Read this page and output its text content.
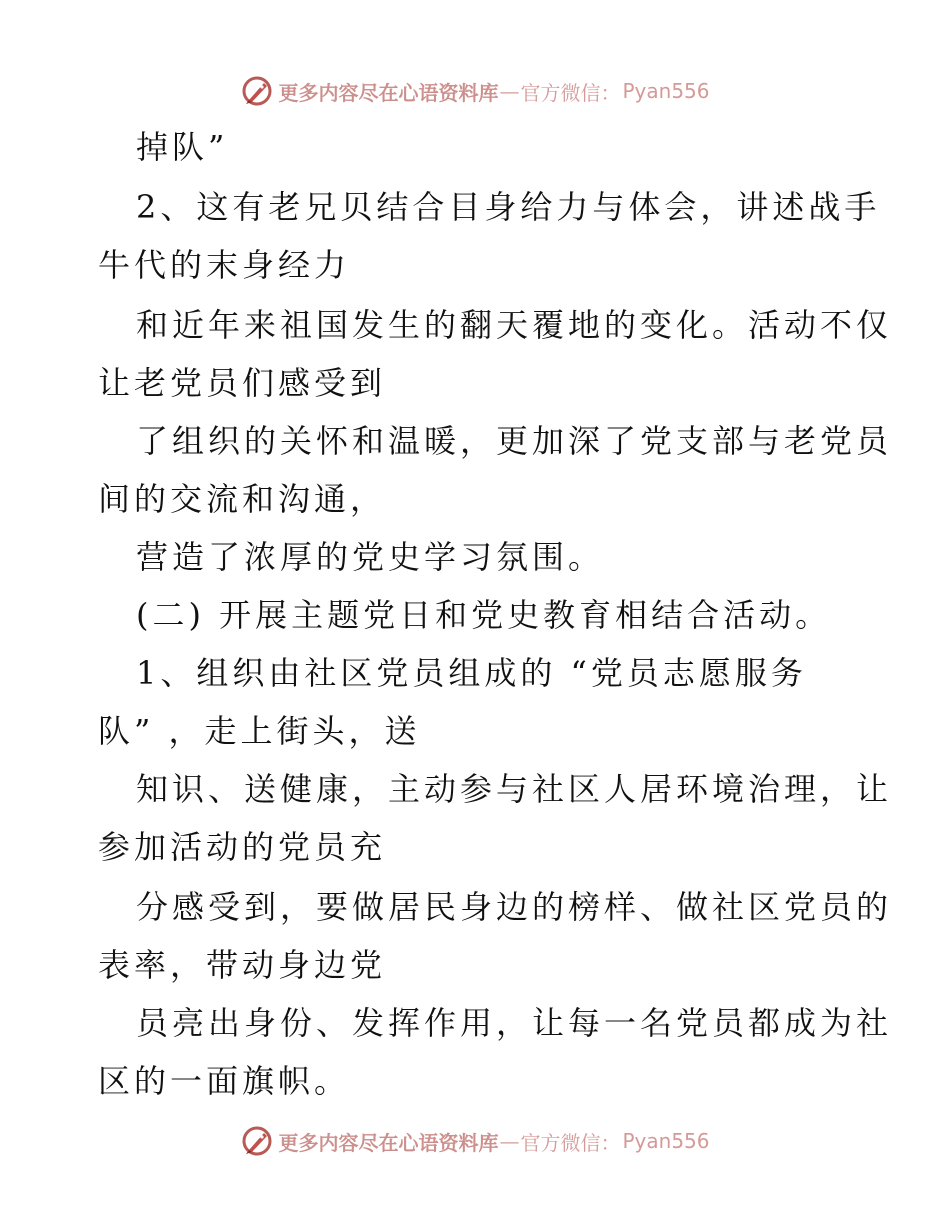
更多内容尽在心语资料库 — 官方微信： Pyan556
掉队”
2、这有老兄贝结合目身给力与体会，讲述战手
牛代的末身经力
和近年来祖国发生的翻天覆地的变化。活动不仅
让老党员们感受到
了组织的关怀和温暖，更加深了党支部与老党员
间的交流和沟通，
营造了浓厚的党史学习氛围。
(二) 开展主题党日和党史教育相结合活动。
1、组织由社区党员组成的 “党员志愿服务
队” ，走上街头，送
知识、送健康，主动参与社区人居环境治理，让
参加活动的党员充
分感受到，要做居民身边的榜样、做社区党员的
表率，带动身边党
员亮出身份、发挥作用，让每一名党员都成为社
区的一面旗帜。
更多内容尽在心语资料库 — 官方微信： Pyan556
